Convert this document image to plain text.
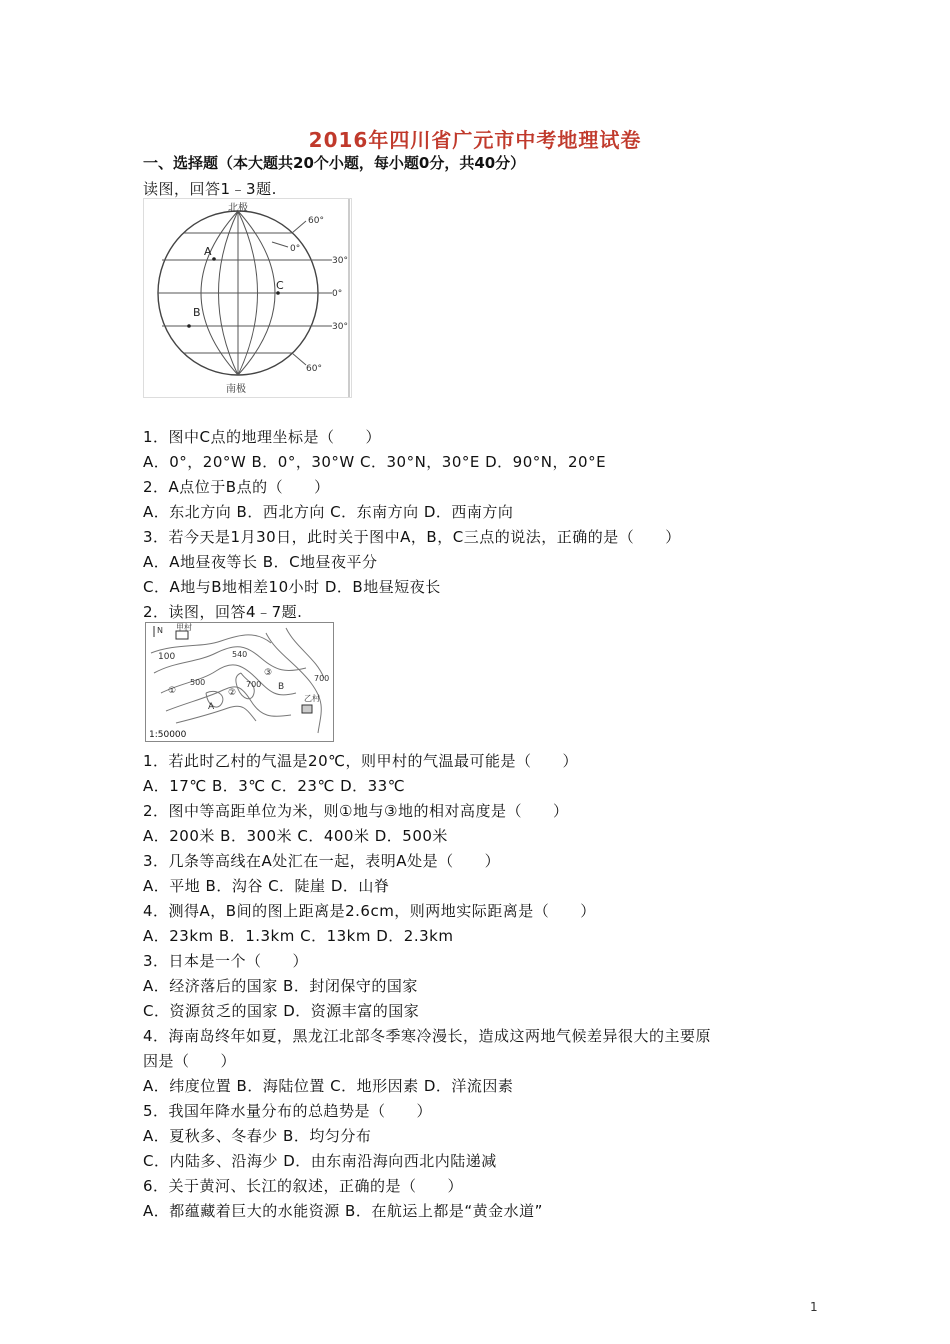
2016年四川省广元市中考地理试卷
一、选择题（本大题共20个小题，每小题0分，共40分）
读图，回答1﹣3题.
北极
南极
60°
0°
30°
0°
30°
60°
A
B
C
1．图中C点的地理坐标是（　　）
A．0°，20°W B．0°，30°W C．30°N，30°E D．90°N，20°E
2．A点位于B点的（　　）
A．东北方向 B．西北方向 C．东南方向 D．西南方向
3．若今天是1月30日，此时关于图中A，B，C三点的说法，正确的是（　　）
A．A地昼夜等长 B．C地昼夜平分
C．A地与B地相差10小时 D．B地昼短夜长
2．读图，回答4﹣7题.
N 甲村
乙村
100
500
540
700
700
①	②
③
A
B
1:50000
1．若此时乙村的气温是20℃，则甲村的气温最可能是（　　）
A．17℃ B．3℃ C．23℃ D．33℃
2．图中等高距单位为米，则①地与③地的相对高度是（　　）
A．200米 B．300米 C．400米 D．500米
3．几条等高线在A处汇在一起，表明A处是（　　）
A．平地 B．沟谷 C．陡崖 D．山脊
4．测得A，B间的图上距离是2.6cm，则两地实际距离是（　　）
A．23km B．1.3km C．13km D．2.3km
3．日本是一个（　　）
A．经济落后的国家 B．封闭保守的国家
C．资源贫乏的国家 D．资源丰富的国家
4．海南岛终年如夏，黑龙江北部冬季寒冷漫长，造成这两地气候差异很大的主要原
因是（　　）
A．纬度位置 B．海陆位置 C．地形因素 D．洋流因素
5．我国年降水量分布的总趋势是（　　）
A．夏秋多、冬春少 B．均匀分布
C．内陆多、沿海少 D．由东南沿海向西北内陆递减
6．关于黄河、长江的叙述，正确的是（　　）
A．都蕴藏着巨大的水能资源 B．在航运上都是“黄金水道”
1
